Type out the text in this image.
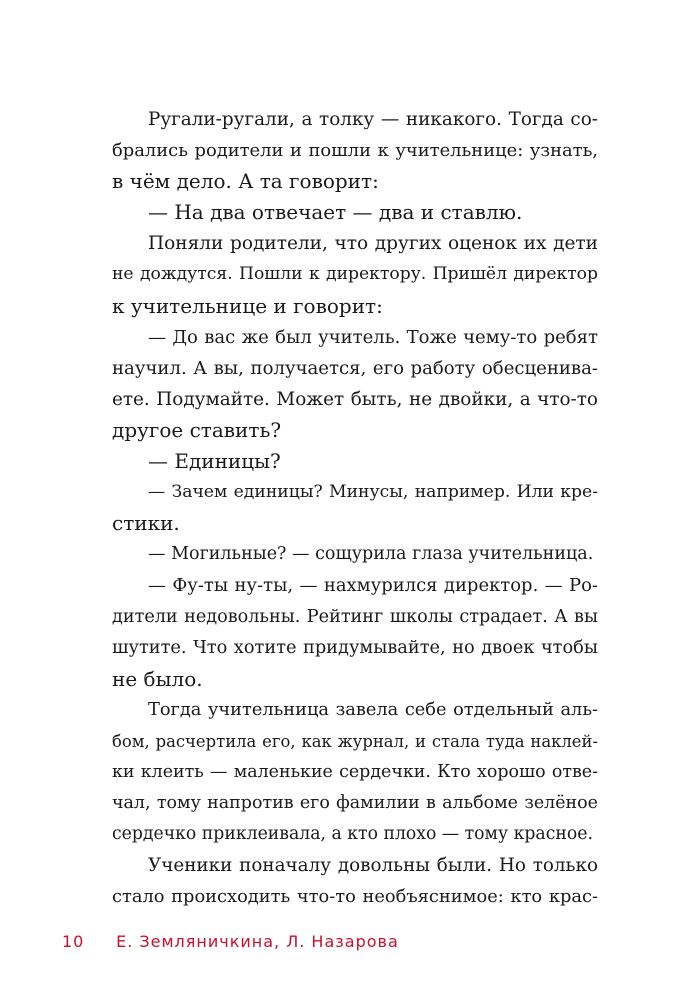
Ругали-ругали, а толку — никакого. Тогда со-
брались родители и пошли к учительнице: узнать,
в чём дело. А та говорит:
— На два отвечает — два и ставлю.
Поняли родители, что других оценок их дети
не дождутся. Пошли к директору. Пришёл директор
к учительнице и говорит:
— До вас же был учитель. Тоже чему-то ребят
научил. А вы, получается, его работу обесценива-
ете. Подумайте. Может быть, не двойки, а что-то
другое ставить?
— Единицы?
— Зачем единицы? Минусы, например. Или кре-
стики.
— Могильные? — сощурила глаза учительница.
— Фу-ты ну-ты, — нахмурился директор. — Ро-
дители недовольны. Рейтинг школы страдает. А вы
шутите. Что хотите придумывайте, но двоек чтобы
не было.
Тогда учительница завела себе отдельный аль-
бом, расчертила его, как журнал, и стала туда наклей-
ки клеить — маленькие сердечки. Кто хорошо отве-
чал, тому напротив его фамилии в альбоме зелёное
сердечко приклеивала, а кто плохо — тому красное.
Ученики поначалу довольны были. Но только
стало происходить что-то необъяснимое: кто крас-
10 Е. Земляничкина, Л. Назарова
